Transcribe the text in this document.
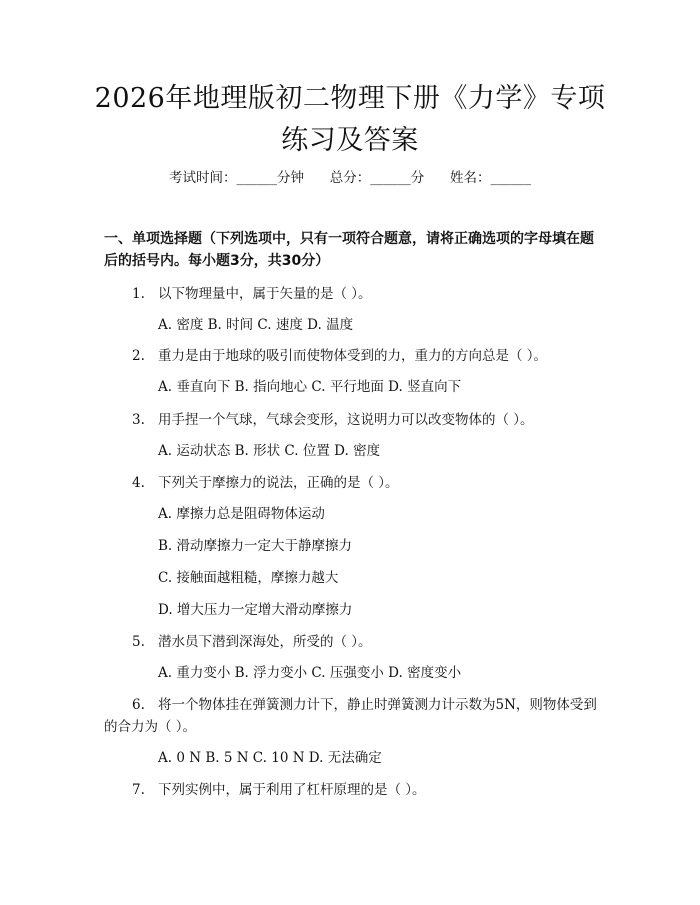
2026年地理版初二物理下册《力学》专项练习及答案
考试时间：______分钟 总分：______分 姓名：______
一、单项选择题（下列选项中，只有一项符合题意，请将正确选项的字母填在题后的括号内。每小题3分，共30分）
1. 以下物理量中，属于矢量的是（ ）。
A. 密度 B. 时间 C. 速度 D. 温度
2. 重力是由于地球的吸引而使物体受到的力，重力的方向总是（ ）。
A. 垂直向下 B. 指向地心 C. 平行地面 D. 竖直向下
3. 用手捏一个气球，气球会变形，这说明力可以改变物体的（ ）。
A. 运动状态 B. 形状 C. 位置 D. 密度
4. 下列关于摩擦力的说法，正确的是（ ）。
A. 摩擦力总是阻碍物体运动
B. 滑动摩擦力一定大于静摩擦力
C. 接触面越粗糙，摩擦力越大
D. 增大压力一定增大滑动摩擦力
5. 潜水员下潜到深海处，所受的（ ）。
A. 重力变小 B. 浮力变小 C. 压强变小 D. 密度变小
6. 将一个物体挂在弹簧测力计下，静止时弹簧测力计示数为5N，则物体受到的合力为（ ）。
A. 0 N B. 5 N C. 10 N D. 无法确定
7. 下列实例中，属于利用了杠杆原理的是（ ）。
